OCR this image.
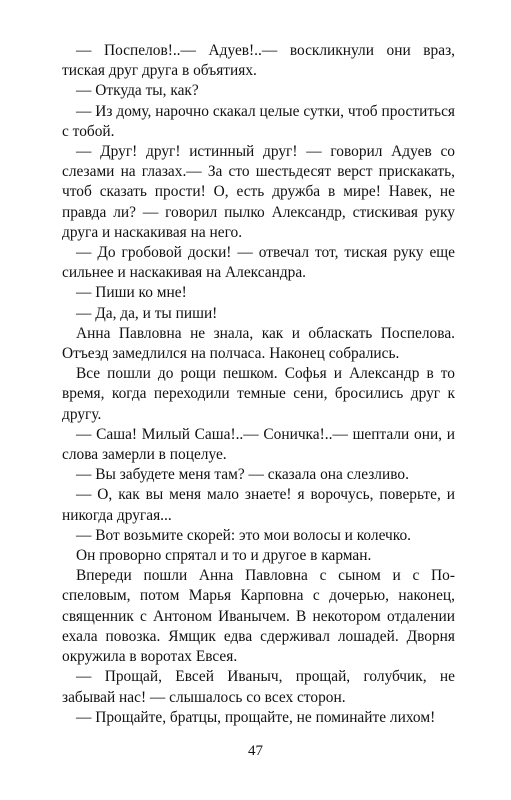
— Поспелов!..— Адуев!..— воскликнули они враз, тиская друг друга в объятиях.

— Откуда ты, как?

— Из дому, нарочно скакал целые сутки, чтоб проститься с тобой.

— Друг! друг! истинный друг! — говорил Адуев со слезами на глазах.— За сто шестьдесят верст прискакать, чтоб сказать прости! О, есть дружба в мире! Навек, не правда ли? — говорил пылко Александр, стискивая руку друга и наскакивая на него.

— До гробовой доски! — отвечал тот, тиская руку еще сильнее и наскакивая на Александра.

— Пиши ко мне!

— Да, да, и ты пиши!

Анна Павловна не знала, как и обласкать Поспелова. Отъезд замедлился на полчаса. Наконец собрались.

Все пошли до рощи пешком. Софья и Александр в то время, когда переходили темные сени, бросились друг к другу.

— Саша! Милый Саша!..— Соничка!..— шептали они, и слова замерли в поцелуе.

— Вы забудете меня там? — сказала она слезливо.

— О, как вы меня мало знаете! я ворочусь, поверьте, и никогда другая...

— Вот возьмите скорей: это мои волосы и колечко.

Он проворно спрятал и то и другое в карман.

Впереди пошли Анна Павловна с сыном и с Поспеловым, потом Марья Карповна с дочерью, наконец, священник с Антоном Иванычем. В некотором отдалении ехала повозка. Ямщик едва сдерживал лошадей. Дворня окружила в воротах Евсея.

— Прощай, Евсей Иваныч, прощай, голубчик, не забывай нас! — слышалось со всех сторон.

— Прощайте, братцы, прощайте, не поминайте лихом!

47
